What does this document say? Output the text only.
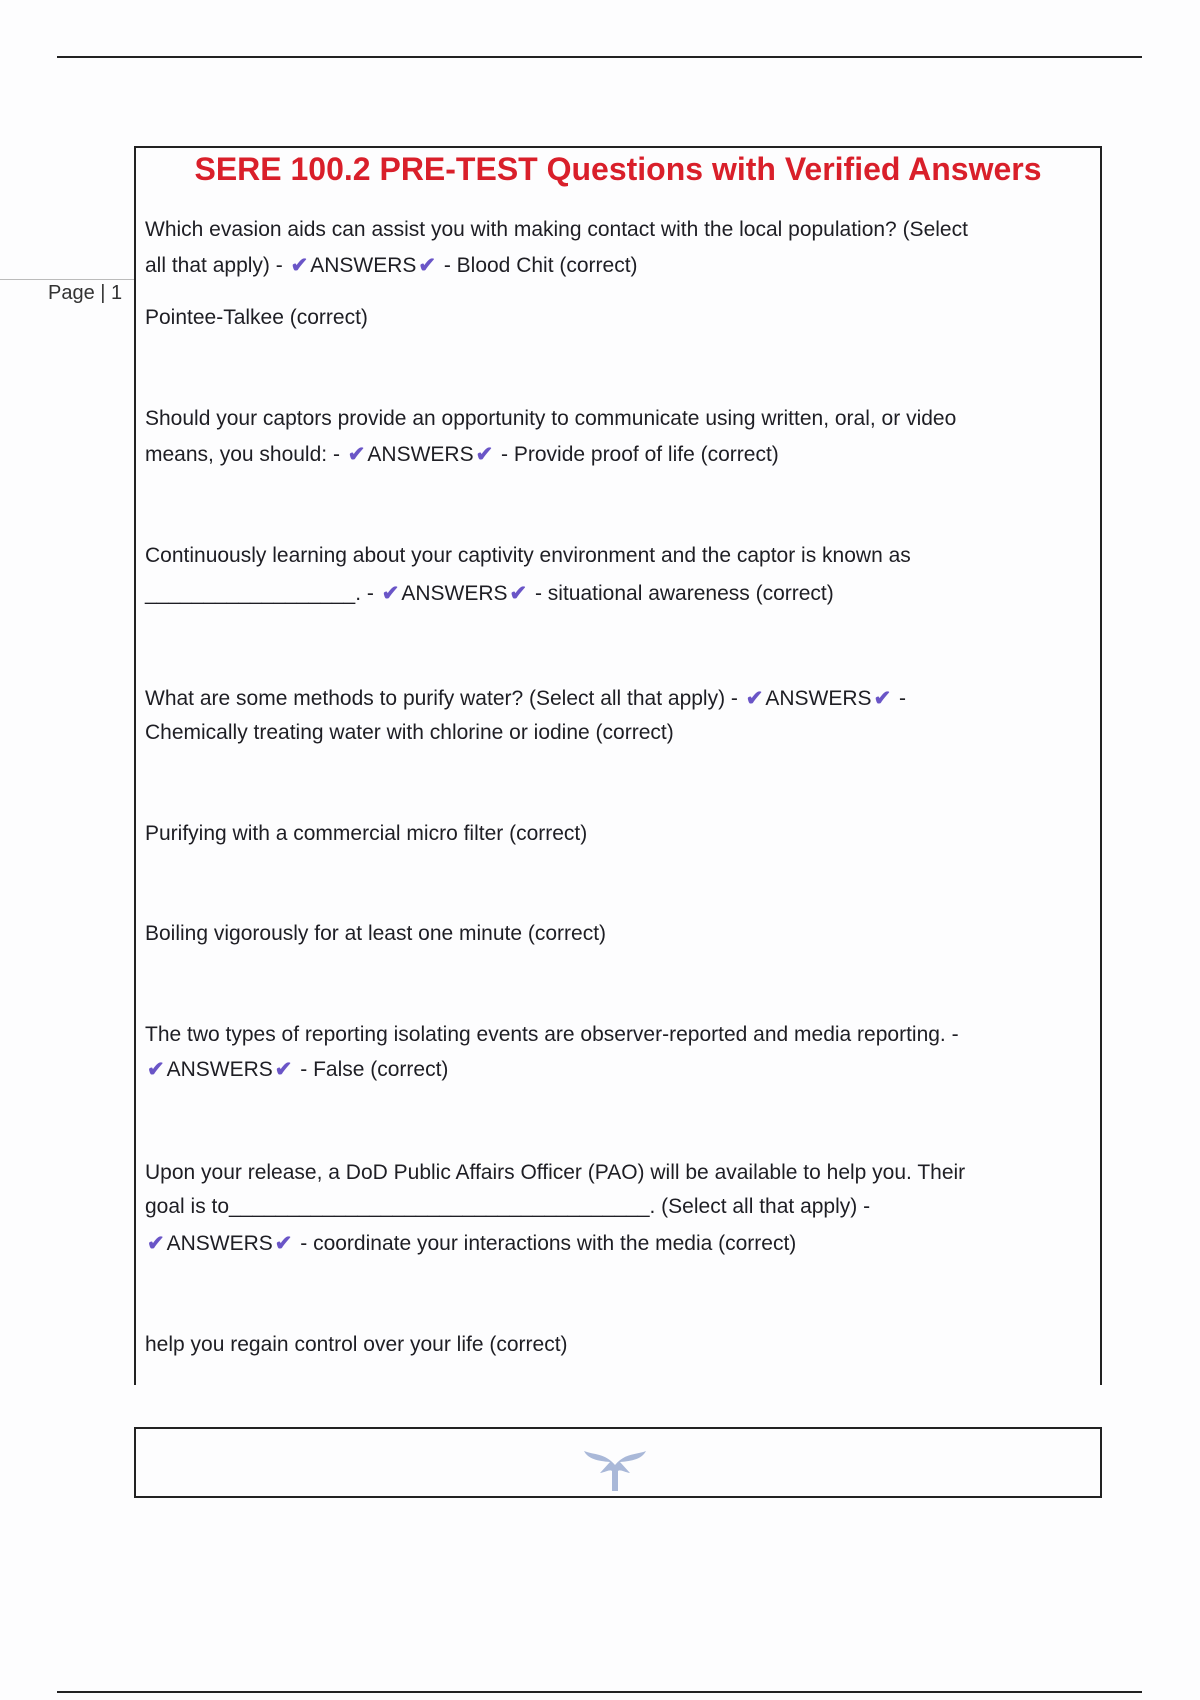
Page | 1
SERE 100.2 PRE-TEST Questions with Verified Answers
Which evasion aids can assist you with making contact with the local population? (Select
all that apply) - ✔ANSWERS✔ - Blood Chit (correct)
Pointee-Talkee (correct)
Should your captors provide an opportunity to communicate using written, oral, or video
means, you should: - ✔ANSWERS✔ - Provide proof of life (correct)
Continuously learning about your captivity environment and the captor is known as
__________________. - ✔ANSWERS✔ - situational awareness (correct)
What are some methods to purify water? (Select all that apply) - ✔ANSWERS✔ -
Chemically treating water with chlorine or iodine (correct)
Purifying with a commercial micro filter (correct)
Boiling vigorously for at least one minute (correct)
The two types of reporting isolating events are observer-reported and media reporting. -
✔ANSWERS✔ - False (correct)
Upon your release, a DoD Public Affairs Officer (PAO) will be available to help you. Their
goal is to____________________________________. (Select all that apply) -
✔ANSWERS✔ - coordinate your interactions with the media (correct)
help you regain control over your life (correct)
